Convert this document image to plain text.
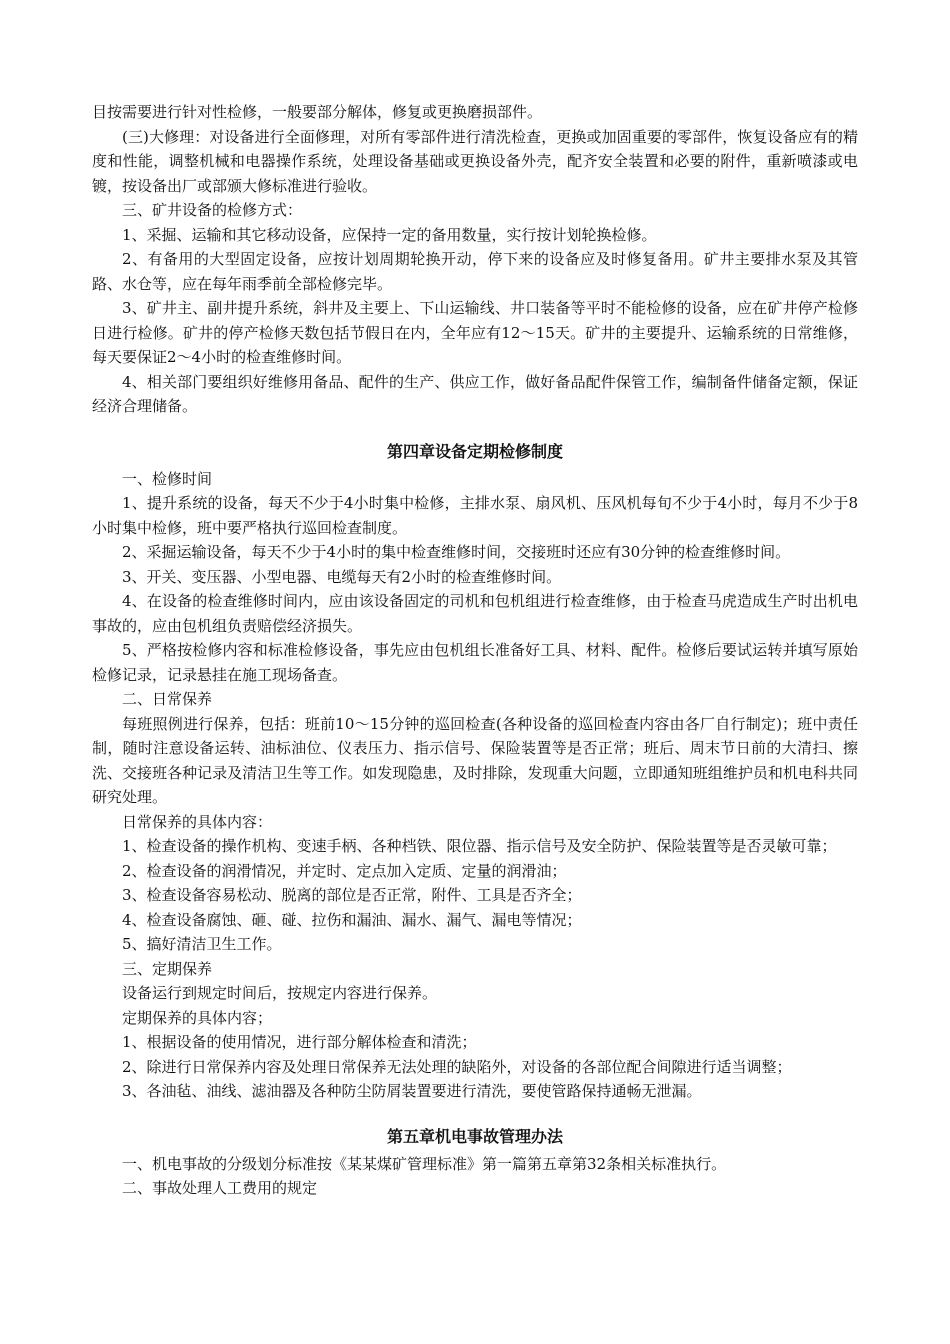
目按需要进行针对性检修，一般要部分解体，修复或更换磨损部件。

(三)大修理：对设备进行全面修理，对所有零部件进行清洗检查，更换或加固重要的零部件，恢复设备应有的精度和性能，调整机械和电器操作系统，处理设备基础或更换设备外壳，配齐安全装置和必要的附件，重新喷漆或电镀，按设备出厂或部颁大修标准进行验收。

三、矿井设备的检修方式：

1、采掘、运输和其它移动设备，应保持一定的备用数量，实行按计划轮换检修。

2、有备用的大型固定设备，应按计划周期轮换开动，停下来的设备应及时修复备用。矿井主要排水泵及其管路、水仓等，应在每年雨季前全部检修完毕。

3、矿井主、副井提升系统，斜井及主要上、下山运输线、井口装备等平时不能检修的设备，应在矿井停产检修日进行检修。矿井的停产检修天数包括节假日在内，全年应有12～15天。矿井的主要提升、运输系统的日常维修，每天要保证2～4小时的检查维修时间。

4、相关部门要组织好维修用备品、配件的生产、供应工作，做好备品配件保管工作，编制备件储备定额，保证经济合理储备。

第四章设备定期检修制度

一、检修时间

1、提升系统的设备，每天不少于4小时集中检修，主排水泵、扇风机、压风机每旬不少于4小时，每月不少于8小时集中检修，班中要严格执行巡回检查制度。

2、采掘运输设备，每天不少于4小时的集中检查维修时间，交接班时还应有30分钟的检查维修时间。

3、开关、变压器、小型电器、电缆每天有2小时的检查维修时间。

4、在设备的检查维修时间内，应由该设备固定的司机和包机组进行检查维修，由于检查马虎造成生产时出机电事故的，应由包机组负责赔偿经济损失。

5、严格按检修内容和标准检修设备，事先应由包机组长准备好工具、材料、配件。检修后要试运转并填写原始检修记录，记录悬挂在施工现场备查。

二、日常保养

每班照例进行保养，包括：班前10～15分钟的巡回检查(各种设备的巡回检查内容由各厂自行制定)；班中责任制，随时注意设备运转、油标油位、仪表压力、指示信号、保险装置等是否正常；班后、周末节日前的大清扫、擦洗、交接班各种记录及清洁卫生等工作。如发现隐患，及时排除，发现重大问题，立即通知班组维护员和机电科共同研究处理。

日常保养的具体内容：

1、检查设备的操作机构、变速手柄、各种档铁、限位器、指示信号及安全防护、保险装置等是否灵敏可靠；

2、检查设备的润滑情况，并定时、定点加入定质、定量的润滑油；

3、检查设备容易松动、脱离的部位是否正常，附件、工具是否齐全；

4、检查设备腐蚀、砸、碰、拉伤和漏油、漏水、漏气、漏电等情况；

5、搞好清洁卫生工作。

三、定期保养

设备运行到规定时间后，按规定内容进行保养。

定期保养的具体内容；

1、根据设备的使用情况，进行部分解体检查和清洗；

2、除进行日常保养内容及处理日常保养无法处理的缺陷外，对设备的各部位配合间隙进行适当调整；

3、各油毡、油线、滤油器及各种防尘防屑装置要进行清洗，要使管路保持通畅无泄漏。

第五章机电事故管理办法

一、机电事故的分级划分标准按《某某煤矿管理标准》第一篇第五章第32条相关标准执行。

二、事故处理人工费用的规定
